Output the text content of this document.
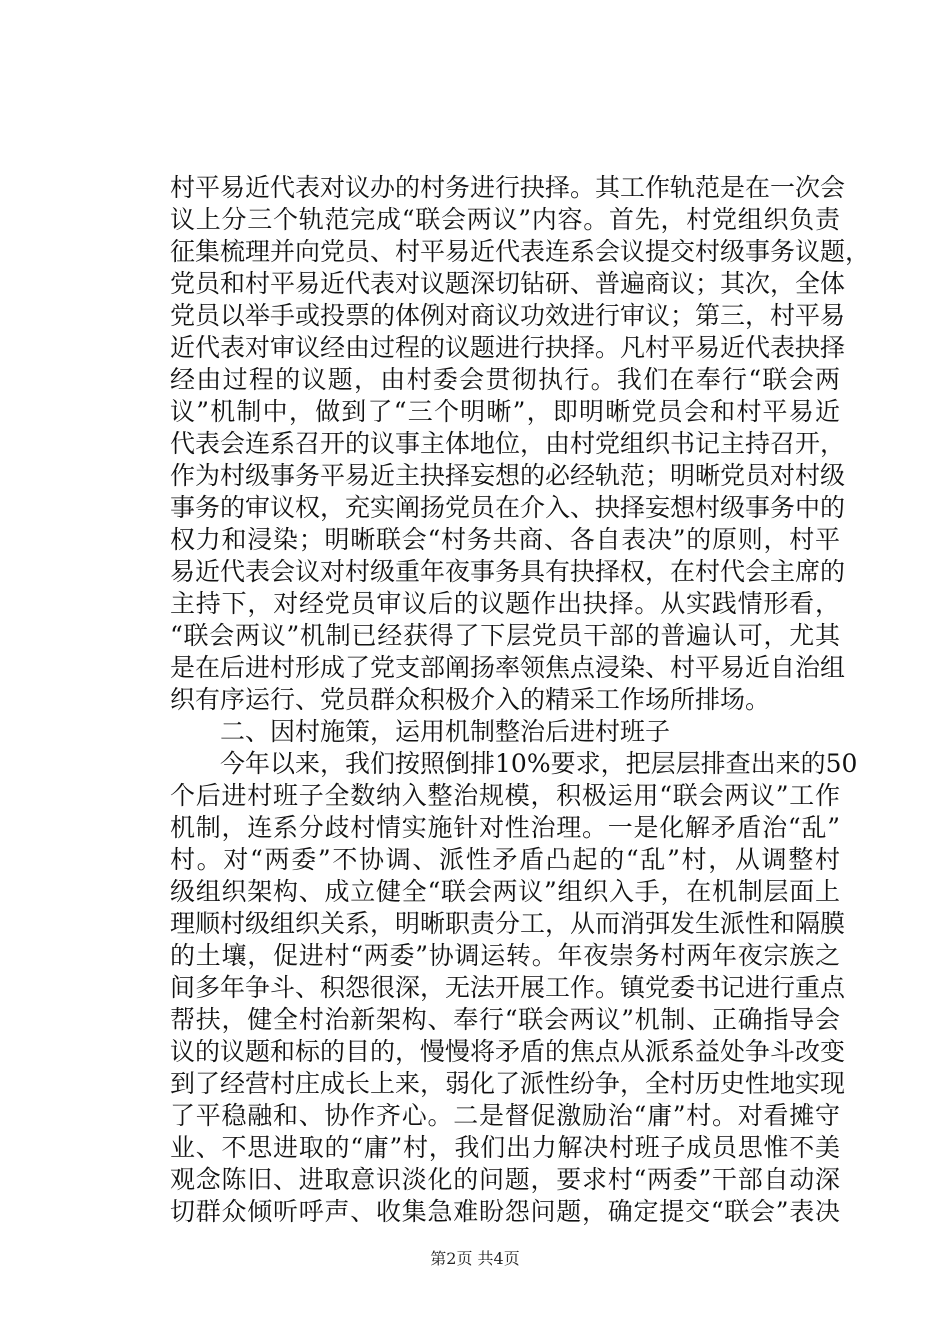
村平易近代表对议办的村务进行抉择。其工作轨范是在一次会
议上分三个轨范完成“联会两议”内容。首先，村党组织负责
征集梳理并向党员、村平易近代表连系会议提交村级事务议题，
党员和村平易近代表对议题深切钻研、普遍商议；其次，全体
党员以举手或投票的体例对商议功效进行审议；第三，村平易
近代表对审议经由过程的议题进行抉择。凡村平易近代表抉择
经由过程的议题，由村委会贯彻执行。我们在奉行“联会两
议”机制中，做到了“三个明晰”，即明晰党员会和村平易近
代表会连系召开的议事主体地位，由村党组织书记主持召开，
作为村级事务平易近主抉择妄想的必经轨范；明晰党员对村级
事务的审议权，充实阐扬党员在介入、抉择妄想村级事务中的
权力和浸染；明晰联会“村务共商、各自表决”的原则，村平
易近代表会议对村级重年夜事务具有抉择权，在村代会主席的
主持下，对经党员审议后的议题作出抉择。从实践情形看，
“联会两议”机制已经获得了下层党员干部的普遍认可，尤其
是在后进村形成了党支部阐扬率领焦点浸染、村平易近自治组
织有序运行、党员群众积极介入的精采工作场所排场。
二、因村施策，运用机制整治后进村班子
今年以来，我们按照倒排10%要求，把层层排查出来的50
个后进村班子全数纳入整治规模，积极运用“联会两议”工作
机制，连系分歧村情实施针对性治理。一是化解矛盾治“乱”
村。对“两委”不协调、派性矛盾凸起的“乱”村，从调整村
级组织架构、成立健全“联会两议”组织入手，在机制层面上
理顺村级组织关系，明晰职责分工，从而消弭发生派性和隔膜
的土壤，促进村“两委”协调运转。年夜崇务村两年夜宗族之
间多年争斗、积怨很深，无法开展工作。镇党委书记进行重点
帮扶，健全村治新架构、奉行“联会两议”机制、正确指导会
议的议题和标的目的，慢慢将矛盾的焦点从派系益处争斗改变
到了经营村庄成长上来，弱化了派性纷争，全村历史性地实现
了平稳融和、协作齐心。二是督促激励治“庸”村。对看摊守
业、不思进取的“庸”村，我们出力解决村班子成员思惟不美
观念陈旧、进取意识淡化的问题，要求村“两委”干部自动深
切群众倾听呼声、收集急难盼怨问题，确定提交“联会”表决
第2页 共4页
